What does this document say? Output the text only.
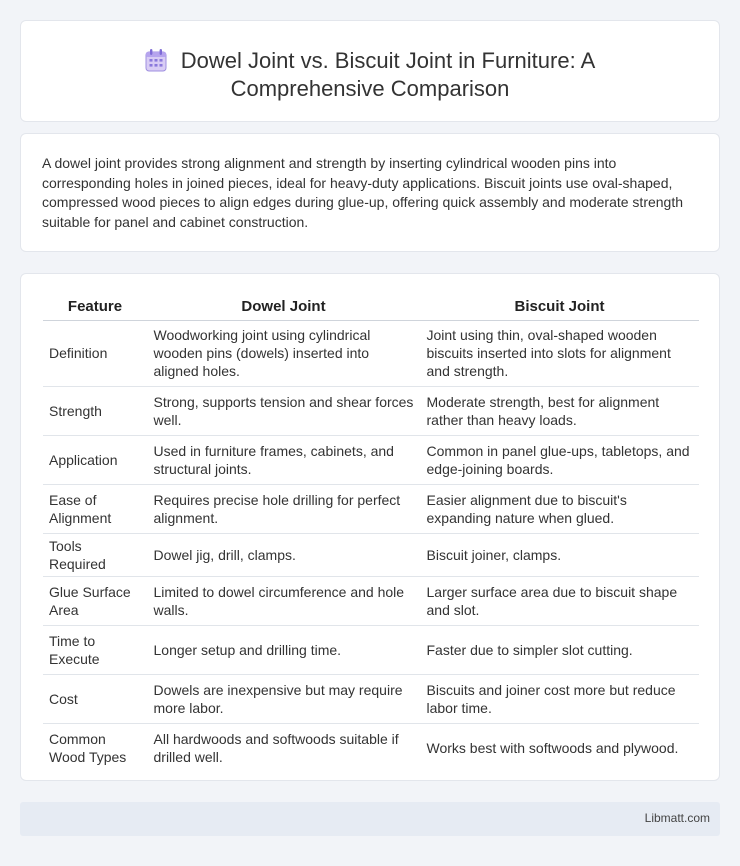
Dowel Joint vs. Biscuit Joint in Furniture: A
Comprehensive Comparison

A dowel joint provides strong alignment and strength by inserting cylindrical wooden pins into corresponding holes in joined pieces, ideal for heavy-duty applications. Biscuit joints use oval-shaped, compressed wood pieces to align edges during glue-up, offering quick assembly and moderate strength suitable for panel and cabinet construction.

Feature	Dowel Joint	Biscuit Joint
Definition	Woodworking joint using cylindrical wooden pins (dowels) inserted into aligned holes.	Joint using thin, oval-shaped wooden biscuits inserted into slots for alignment and strength.
Strength	Strong, supports tension and shear forces well.	Moderate strength, best for alignment rather than heavy loads.
Application	Used in furniture frames, cabinets, and structural joints.	Common in panel glue-ups, tabletops, and edge-joining boards.
Ease of Alignment	Requires precise hole drilling for perfect alignment.	Easier alignment due to biscuit's expanding nature when glued.
Tools Required	Dowel jig, drill, clamps.	Biscuit joiner, clamps.
Glue Surface Area	Limited to dowel circumference and hole walls.	Larger surface area due to biscuit shape and slot.
Time to Execute	Longer setup and drilling time.	Faster due to simpler slot cutting.
Cost	Dowels are inexpensive but may require more labor.	Biscuits and joiner cost more but reduce labor time.
Common Wood Types	All hardwoods and softwoods suitable if drilled well.	Works best with softwoods and plywood.
Libmatt.com
